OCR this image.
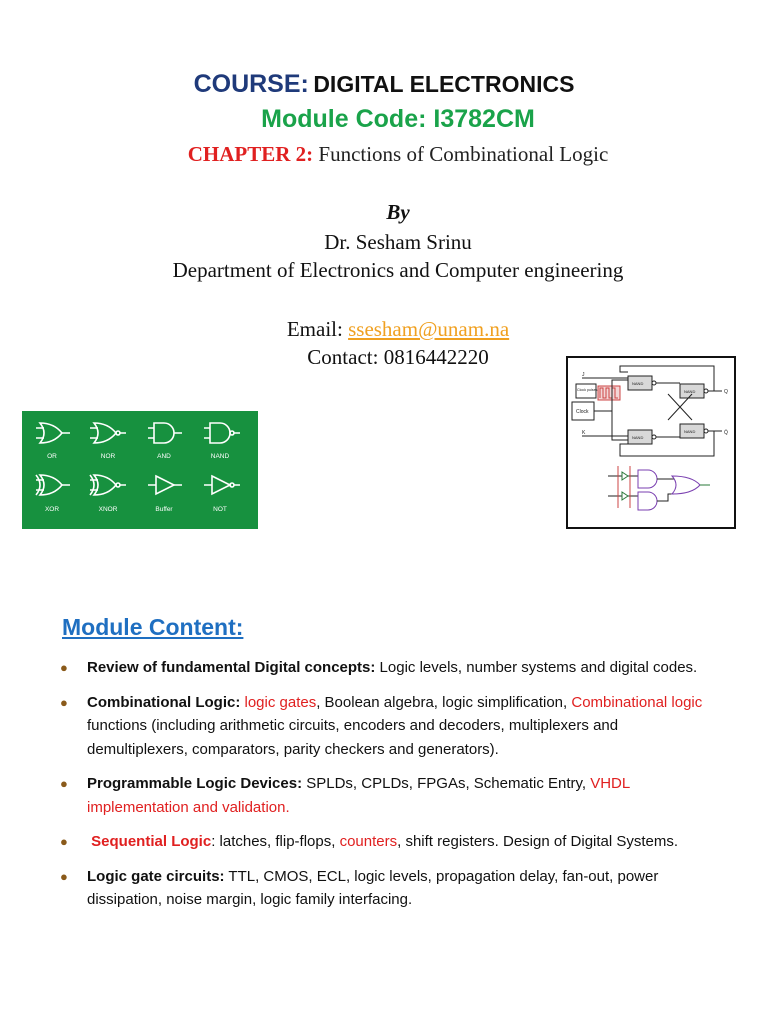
COURSE: DIGITAL ELECTRONICS
Module Code: I3782CM
CHAPTER 2: Functions of Combinational Logic
By
Dr. Sesham Srinu
Department of Electronics and Computer engineering
Email: ssesham@unam.na
Contact: 0816442220
OR	NOR	AND	NAND
XOR	XNOR	Buffer	NOT
J
Clock pulses
Clock
K
NAND
NAND
NAND
NAND
Q
Q̄
Module Content:
● Review of fundamental Digital concepts: Logic levels, number systems and digital codes.
● Combinational Logic: logic gates, Boolean algebra, logic simplification, Combinational logic functions (including arithmetic circuits, encoders and decoders, multiplexers and demultiplexers, comparators, parity checkers and generators).
● Programmable Logic Devices: SPLDs, CPLDs, FPGAs, Schematic Entry, VHDL implementation and validation.
● Sequential Logic: latches, flip-flops, counters, shift registers. Design of Digital Systems.
● Logic gate circuits: TTL, CMOS, ECL, logic levels, propagation delay, fan-out, power dissipation, noise margin, logic family interfacing.
